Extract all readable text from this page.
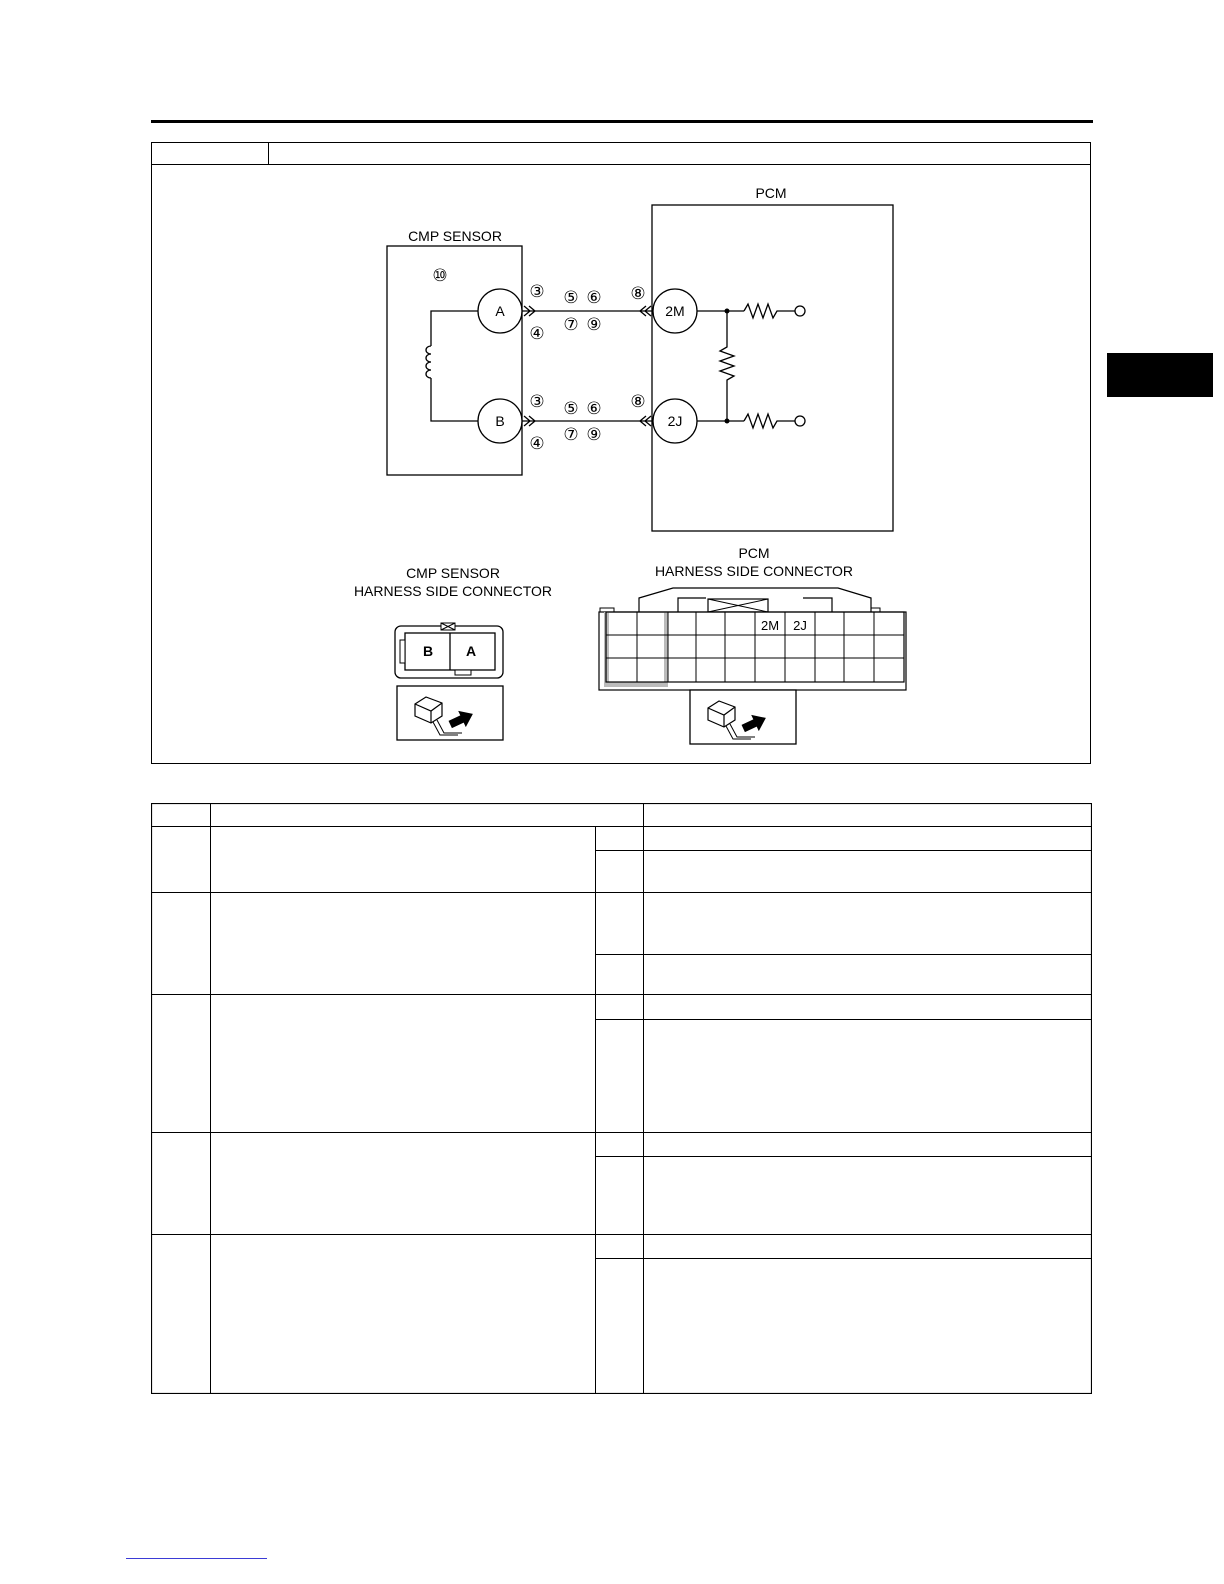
PCM
CMP SENSOR
⑩
A
B
2M
2J
③
④
⑤ ⑥
⑦ ⑨
⑧
③
④
⑤ ⑥
⑦ ⑨
⑧
CMP SENSOR
HARNESS SIDE CONNECTOR
B A
PCM
HARNESS SIDE CONNECTOR
2M 2J
